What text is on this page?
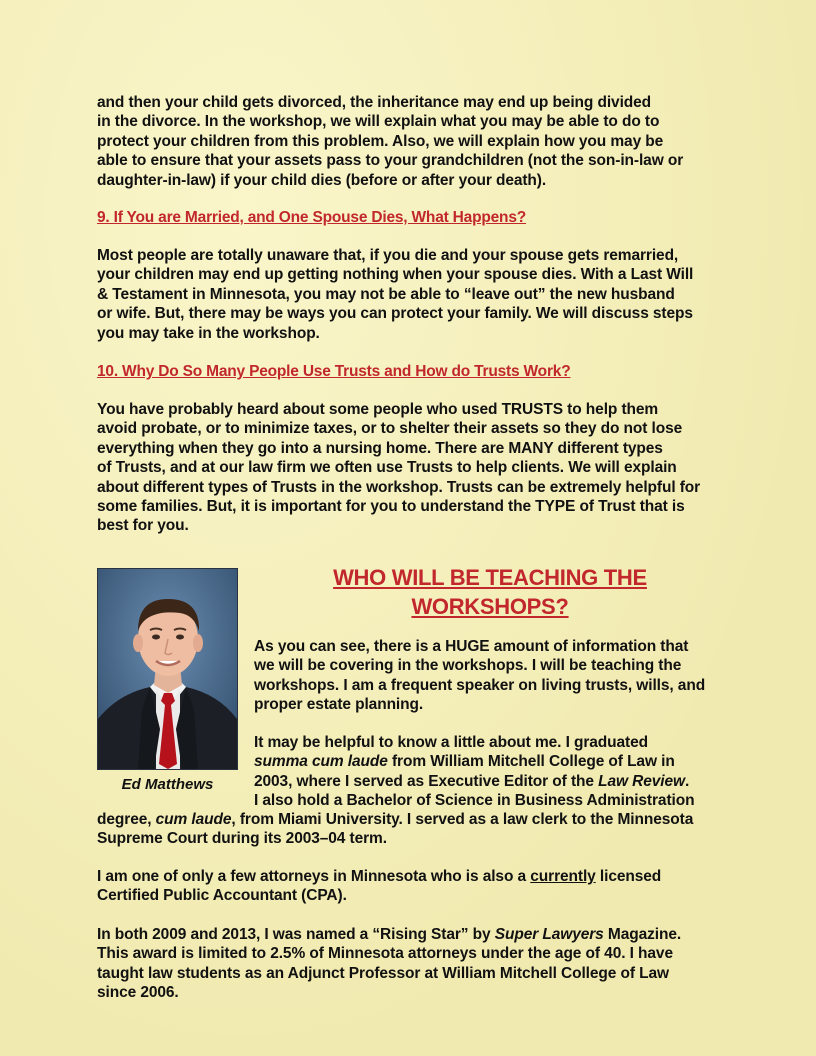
and then your child gets divorced, the inheritance may end up being divided
in the divorce. In the workshop, we will explain what you may be able to do to
protect your children from this problem. Also, we will explain how you may be
able to ensure that your assets pass to your grandchildren (not the son-in-law or
daughter-in-law) if your child dies (before or after your death).

9. If You are Married, and One Spouse Dies, What Happens?

Most people are totally unaware that, if you die and your spouse gets remarried,
your children may end up getting nothing when your spouse dies. With a Last Will
& Testament in Minnesota, you may not be able to “leave out” the new husband
or wife. But, there may be ways you can protect your family. We will discuss steps
you may take in the workshop.

10. Why Do So Many People Use Trusts and How do Trusts Work?

You have probably heard about some people who used TRUSTS to help them
avoid probate, or to minimize taxes, or to shelter their assets so they do not lose
everything when they go into a nursing home. There are MANY different types
of Trusts, and at our law firm we often use Trusts to help clients. We will explain
about different types of Trusts in the workshop. Trusts can be extremely helpful for
some families. But, it is important for you to understand the TYPE of Trust that is
best for you.

WHO WILL BE TEACHING THE
WORKSHOPS?

Ed Matthews

As you can see, there is a HUGE amount of information that
we will be covering in the workshops. I will be teaching the
workshops. I am a frequent speaker on living trusts, wills, and
proper estate planning.

It may be helpful to know a little about me. I graduated
summa cum laude from William Mitchell College of Law in
2003, where I served as Executive Editor of the Law Review.
I also hold a Bachelor of Science in Business Administration

degree, cum laude, from Miami University. I served as a law clerk to the Minnesota
Supreme Court during its 2003–04 term.

I am one of only a few attorneys in Minnesota who is also a currently licensed
Certified Public Accountant (CPA).

In both 2009 and 2013, I was named a “Rising Star” by Super Lawyers Magazine.
This award is limited to 2.5% of Minnesota attorneys under the age of 40. I have
taught law students as an Adjunct Professor at William Mitchell College of Law
since 2006.
